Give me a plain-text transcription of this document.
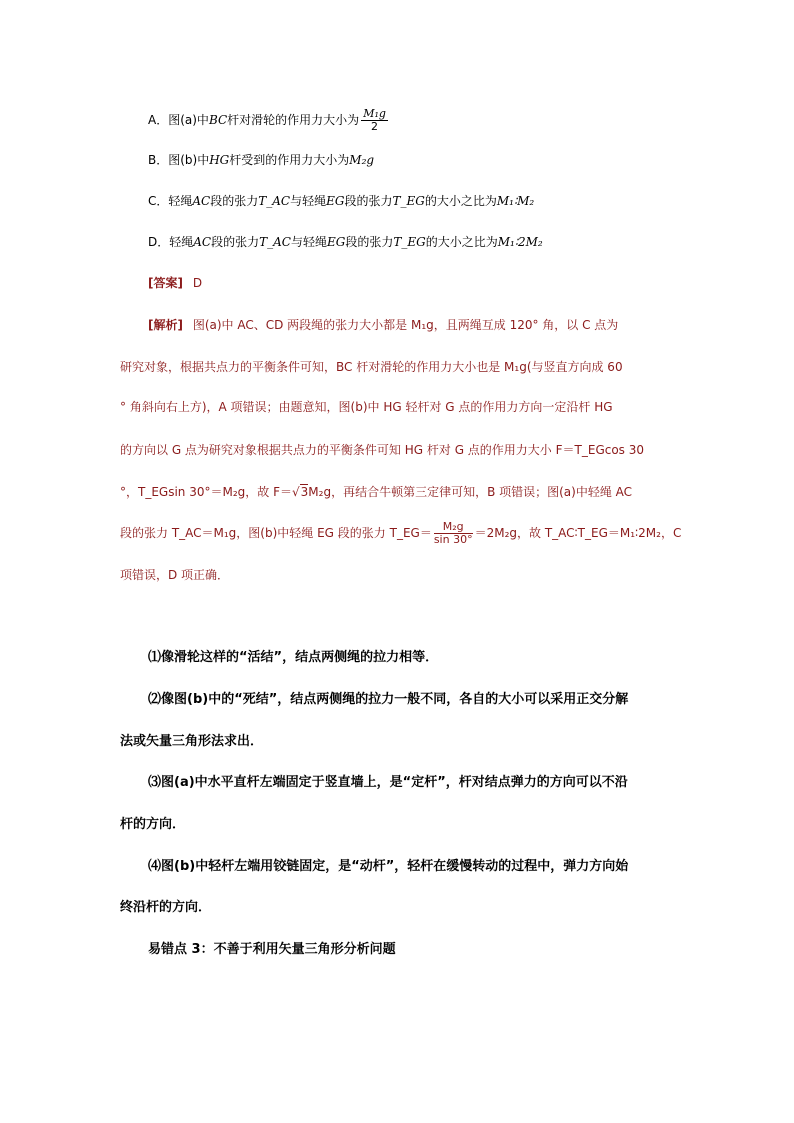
A．图(a)中BC杆对滑轮的作用力大小为 $\frac{\text{M₁g}}{2}$
B．图(b)中HG杆受到的作用力大小为M₂g
C．轻绳AC段的张力T_AC与轻绳EG段的张力T_EG的大小之比为M₁∶M₂
D．轻绳AC段的张力T_AC与轻绳EG段的张力T_EG的大小之比为M₁∶2M₂
[答案] D
[解析] 图(a)中 AC、CD 两段绳的张力大小都是 M₁g，且两绳互成 120° 角，以 C 点为
研究对象，根据共点力的平衡条件可知，BC 杆对滑轮的作用力大小也是 M₁g(与竖直方向成 60
° 角斜向右上方)，A 项错误；由题意知，图(b)中 HG 轻杆对 G 点的作用力方向一定沿杆 HG
的方向以 G 点为研究对象根据共点力的平衡条件可知 HG 杆对 G 点的作用力大小 F＝T_EGcos 30
°，T_EGsin 30°＝M₂g，故 F＝√3M₂g，再结合牛顿第三定律可知，B 项错误；图(a)中轻绳 AC
段的张力 T_AC＝M₁g，图(b)中轻绳 EG 段的张力 T_EG＝ $\frac{\text{M₂g}}{\sin 30^\circ} =2M_2g$，故 T_AC∶T_EG＝M₁∶2M₂，C
项错误，D 项正确．
⑴像滑轮这样的“活结”，结点两侧绳的拉力相等．
⑵像图(b)中的“死结”，结点两侧绳的拉力一般不同，各自的大小可以采用正交分解
法或矢量三角形法求出．
⑶图(a)中水平直杆左端固定于竖直墙上，是“定杆”，杆对结点弹力的方向可以不沿
杆的方向．
⑷图(b)中轻杆左端用铰链固定，是“动杆”，轻杆在缓慢转动的过程中，弹力方向始
终沿杆的方向．
易错点 3：不善于利用矢量三角形分析问题
